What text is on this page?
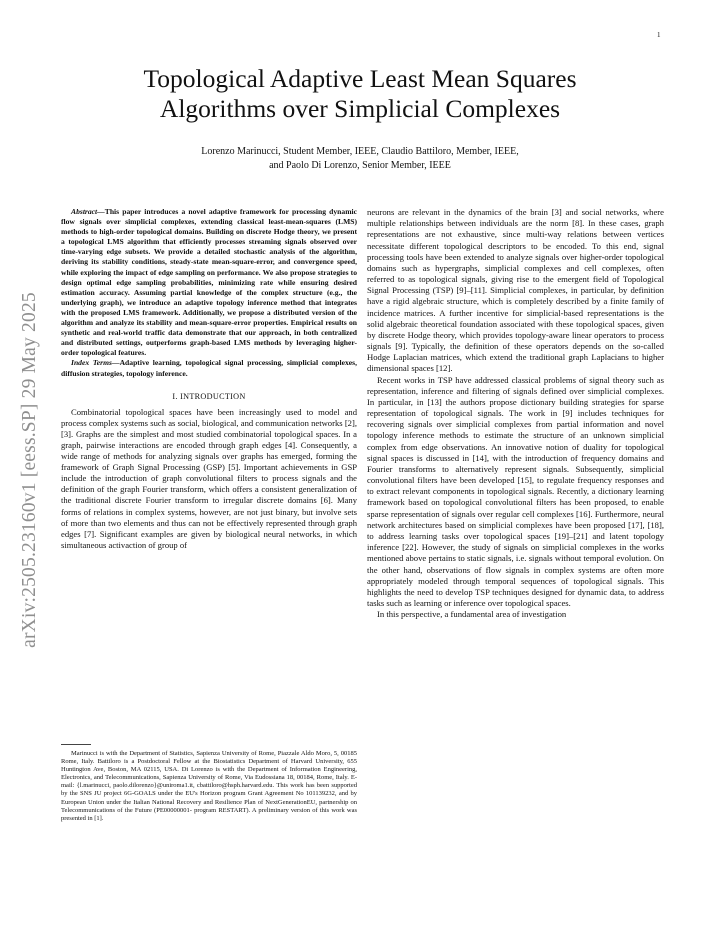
1
arXiv:2505.23160v1 [eess.SP] 29 May 2025
Topological Adaptive Least Mean Squares
Algorithms over Simplicial Complexes
Lorenzo Marinucci, Student Member, IEEE, Claudio Battiloro, Member, IEEE,
and Paolo Di Lorenzo, Senior Member, IEEE

Abstract—This paper introduces a novel adaptive framework for processing dynamic flow signals over simplicial complexes, extending classical least-mean-squares (LMS) methods to high-order topological domains. Building on discrete Hodge theory, we present a topological LMS algorithm that efficiently processes streaming signals observed over time-varying edge subsets. We provide a detailed stochastic analysis of the algorithm, deriving its stability conditions, steady-state mean-square-error, and convergence speed, while exploring the impact of edge sampling on performance. We also propose strategies to design optimal edge sampling probabilities, minimizing rate while ensuring desired estimation accuracy. Assuming partial knowledge of the complex structure (e.g., the underlying graph), we introduce an adaptive topology inference method that integrates with the proposed LMS framework. Additionally, we propose a distributed version of the algorithm and analyze its stability and mean-square-error properties. Empirical results on synthetic and real-world traffic data demonstrate that our approach, in both centralized and distributed settings, outperforms graph-based LMS methods by leveraging higher-order topological features.

Index Terms—Adaptive learning, topological signal processing, simplicial complexes, diffusion strategies, topology inference.

I. INTRODUCTION

Combinatorial topological spaces have been increasingly used to model and process complex systems such as social, biological, and communication networks [2], [3]. Graphs are the simplest and most studied combinatorial topological spaces. In a graph, pairwise interactions are encoded through graph edges [4]. Consequently, a wide range of methods for analyzing signals over graphs has emerged, forming the framework of Graph Signal Processing (GSP) [5]. Important achievements in GSP include the introduction of graph convolutional filters to process signals and the definition of the graph Fourier transform, which offers a consistent generalization of the traditional discrete Fourier transform to irregular discrete domains [6]. Many forms of relations in complex systems, however, are not just binary, but involve sets of more than two elements and thus can not be effectively represented through graph edges [7]. Significant examples are given by biological neural networks, in which simultaneous activaction of group of

Marinucci is with the Department of Statistics, Sapienza University of Rome, Piazzale Aldo Moro, 5, 00185 Rome, Italy. Battiloro is a Postdoctoral Fellow at the Biostatistics Department of Harvard University, 655 Huntington Ave, Boston, MA 02115, USA. Di Lorenzo is with the Department of Information Engineering, Electronics, and Telecommunications, Sapienza University of Rome, Via Eudossiana 18, 00184, Rome, Italy. E-mail: {l.marinucci, paolo.dilorenzo}@uniroma1.it, cbattiloro@hsph.harvard.edu. This work has been supported by the SNS JU project 6G-GOALS under the EU's Horizon program Grant Agreement No 101139232, and by European Union under the Italian National Recovery and Resilience Plan of NextGenerationEU, partnership on Telecommunications of the Future (PE00000001- program RESTART). A preliminary version of this work was presented in [1].

neurons are relevant in the dynamics of the brain [3] and social networks, where multiple relationships between individuals are the norm [8]. In these cases, graph representations are not exhaustive, since multi-way relations between vertices necessitate different topological descriptors to be encoded. To this end, signal processing tools have been extended to analyze signals over higher-order topological domains such as hypergraphs, simplicial complexes and cell complexes, often referred to as topological signals, giving rise to the emergent field of Topological Signal Processing (TSP) [9]–[11]. Simplicial complexes, in particular, by definition have a rigid algebraic structure, which is completely described by a finite family of incidence matrices. A further incentive for simplicial-based representations is the solid algebraic theoretical foundation associated with these topological spaces, given by discrete Hodge theory, which provides topology-aware linear operators to process signals [9]. Typically, the definition of these operators depends on the so-called Hodge Laplacian matrices, which extend the traditional graph Laplacians to higher dimensional spaces [12].

Recent works in TSP have addressed classical problems of signal theory such as representation, inference and filtering of signals defined over simplicial complexes. In particular, in [13] the authors propose dictionary building strategies for sparse representation of topological signals. The work in [9] includes techniques for recovering signals over simplicial complexes from partial information and novel topology inference methods to estimate the structure of an unknown simplicial complex from edge observations. An innovative notion of duality for topological signal spaces is discussed in [14], with the introduction of frequency domains and Fourier transforms to alternatively represent signals. Subsequently, simplicial convolutional filters have been developed [15], to regulate frequency responses and to extract relevant components in topological signals. Recently, a dictionary learning framework based on topological convolutional filters has been proposed, to enable sparse representation of signals over regular cell complexes [16]. Furthermore, neural network architectures based on simplicial complexes have been proposed [17], [18], to address learning tasks over topological spaces [19]–[21] and latent topology inference [22]. However, the study of signals on simplicial complexes in the works mentioned above pertains to static signals, i.e. signals without temporal evolution. On the other hand, observations of flow signals in complex systems are often more appropriately modeled through temporal sequences of topological signals. This highlights the need to develop TSP techniques designed for dynamic data, to address tasks such as learning or inference over topological spaces.

In this perspective, a fundamental area of investigation
